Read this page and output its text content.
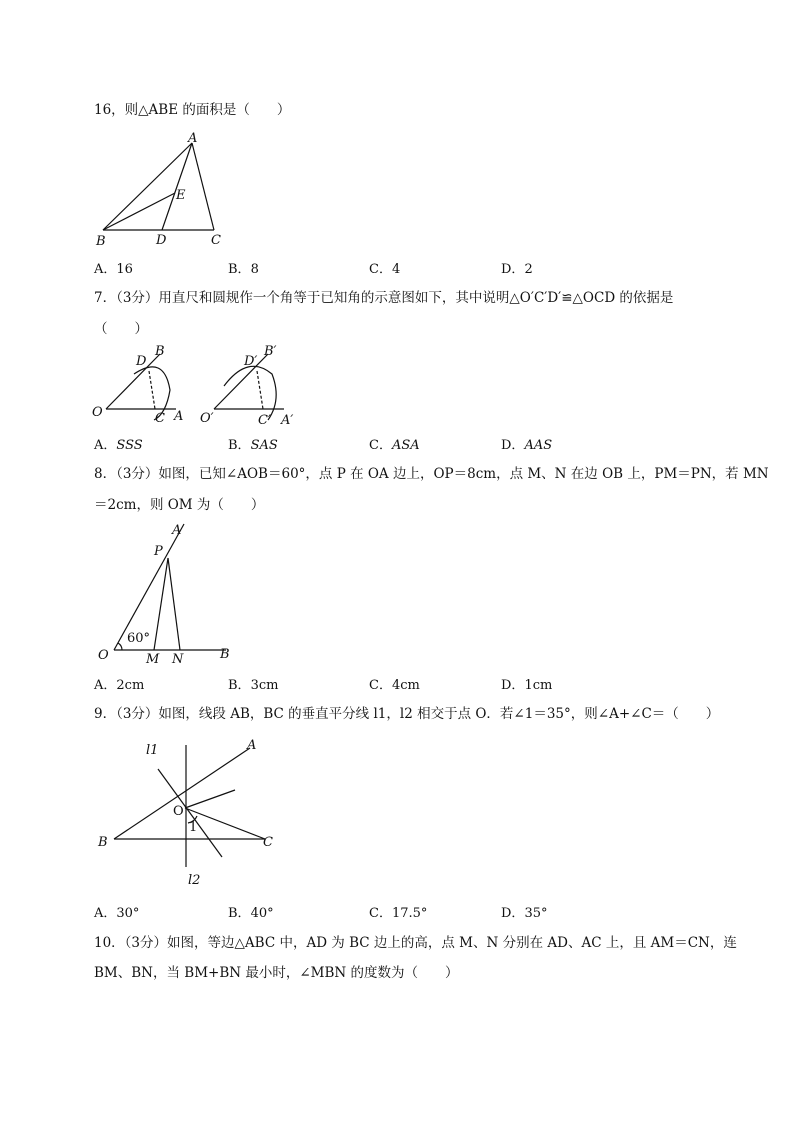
16，则△ABE 的面积是（　　）
A
E
B	D	C
A．16	B．8	C．4	D．2
7．（3分）用直尺和圆规作一个角等于已知角的示意图如下，其中说明△O′C′D′≌△OCD 的依据是
（　　）
D
B
O	C A
D′
B′
O′	C′ A′
A．SSS	B．SAS	C．ASA	D．AAS
8．（3分）如图，已知∠AOB＝60°，点 P 在 OA 边上，OP＝8cm，点 M、N 在边 OB 上，PM＝PN，若 MN
＝2cm，则 OM 为（　　）
A
P
60°
O	M N	B
A．2cm	B．3cm	C．4cm	D．1cm
9．（3分）如图，线段 AB，BC 的垂直平分线 l1，l2 相交于点 O．若∠1＝35°，则∠A+∠C＝（　　）
l1	A
O
1
B	C
l2
A．30°	B．40°	C．17.5°	D．35°
10．（3分）如图，等边△ABC 中，AD 为 BC 边上的高，点 M、N 分别在 AD、AC 上，且 AM＝CN，连
BM、BN，当 BM+BN 最小时，∠MBN 的度数为（　　）
